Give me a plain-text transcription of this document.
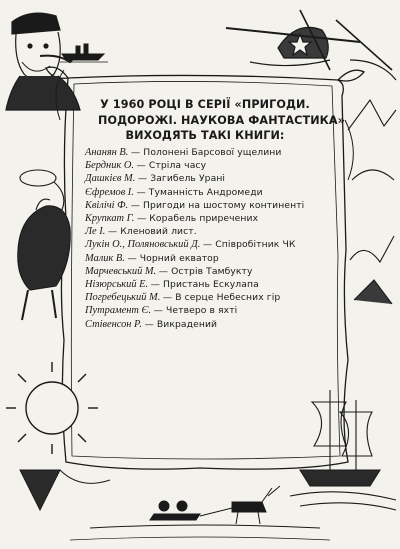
У 1960 РОЦІ В СЕРІЇ «ПРИГОДИ.
ПОДОРОЖІ. НАУКОВА ФАНТАСТИКА»
ВИХОДЯТЬ ТАКІ КНИГИ:
Ананян В. — Полонені Барсової ущелини
Бердник О. — Стріла часу
Дашкієв М. — Загибель Урані
Єфремов І. — Туманність Андромеди
Квілічі Ф. — Пригоди на шостому континенті
Крупкат Г. — Корабель приречених
Ле І. — Кленовий лист.
Лукін О., Поляновський Д. — Співробітник ЧК
Малик В. — Чорний екватор
Марчевський М. — Острів Тамбукту
Нізюрський Е. — Пристань Ескулапа
Погребецький М. — В серце Небесних гір
Путрамент Є. — Четверо в яхті
Стівенсон Р. — Викрадений
